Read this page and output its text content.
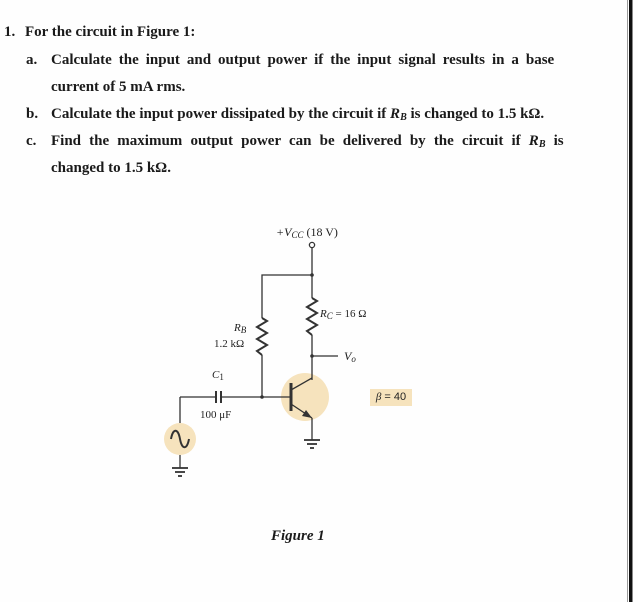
1. For the circuit in Figure 1:
a. Calculate the input and output power if the input signal results in a base
current of 5 mA rms.
b. Calculate the input power dissipated by the circuit if $R_B$ is changed to 1.5 kΩ.
c. Find the maximum output power can be delivered by the circuit if $R_B$ is
changed to 1.5 kΩ.
$+V_{CC}$ (18 V)
$R_C = 16$ Ω
$R_B$
1.2 kΩ
$V_o$
$C_1$
100 μF
β = 40
Figure 1
